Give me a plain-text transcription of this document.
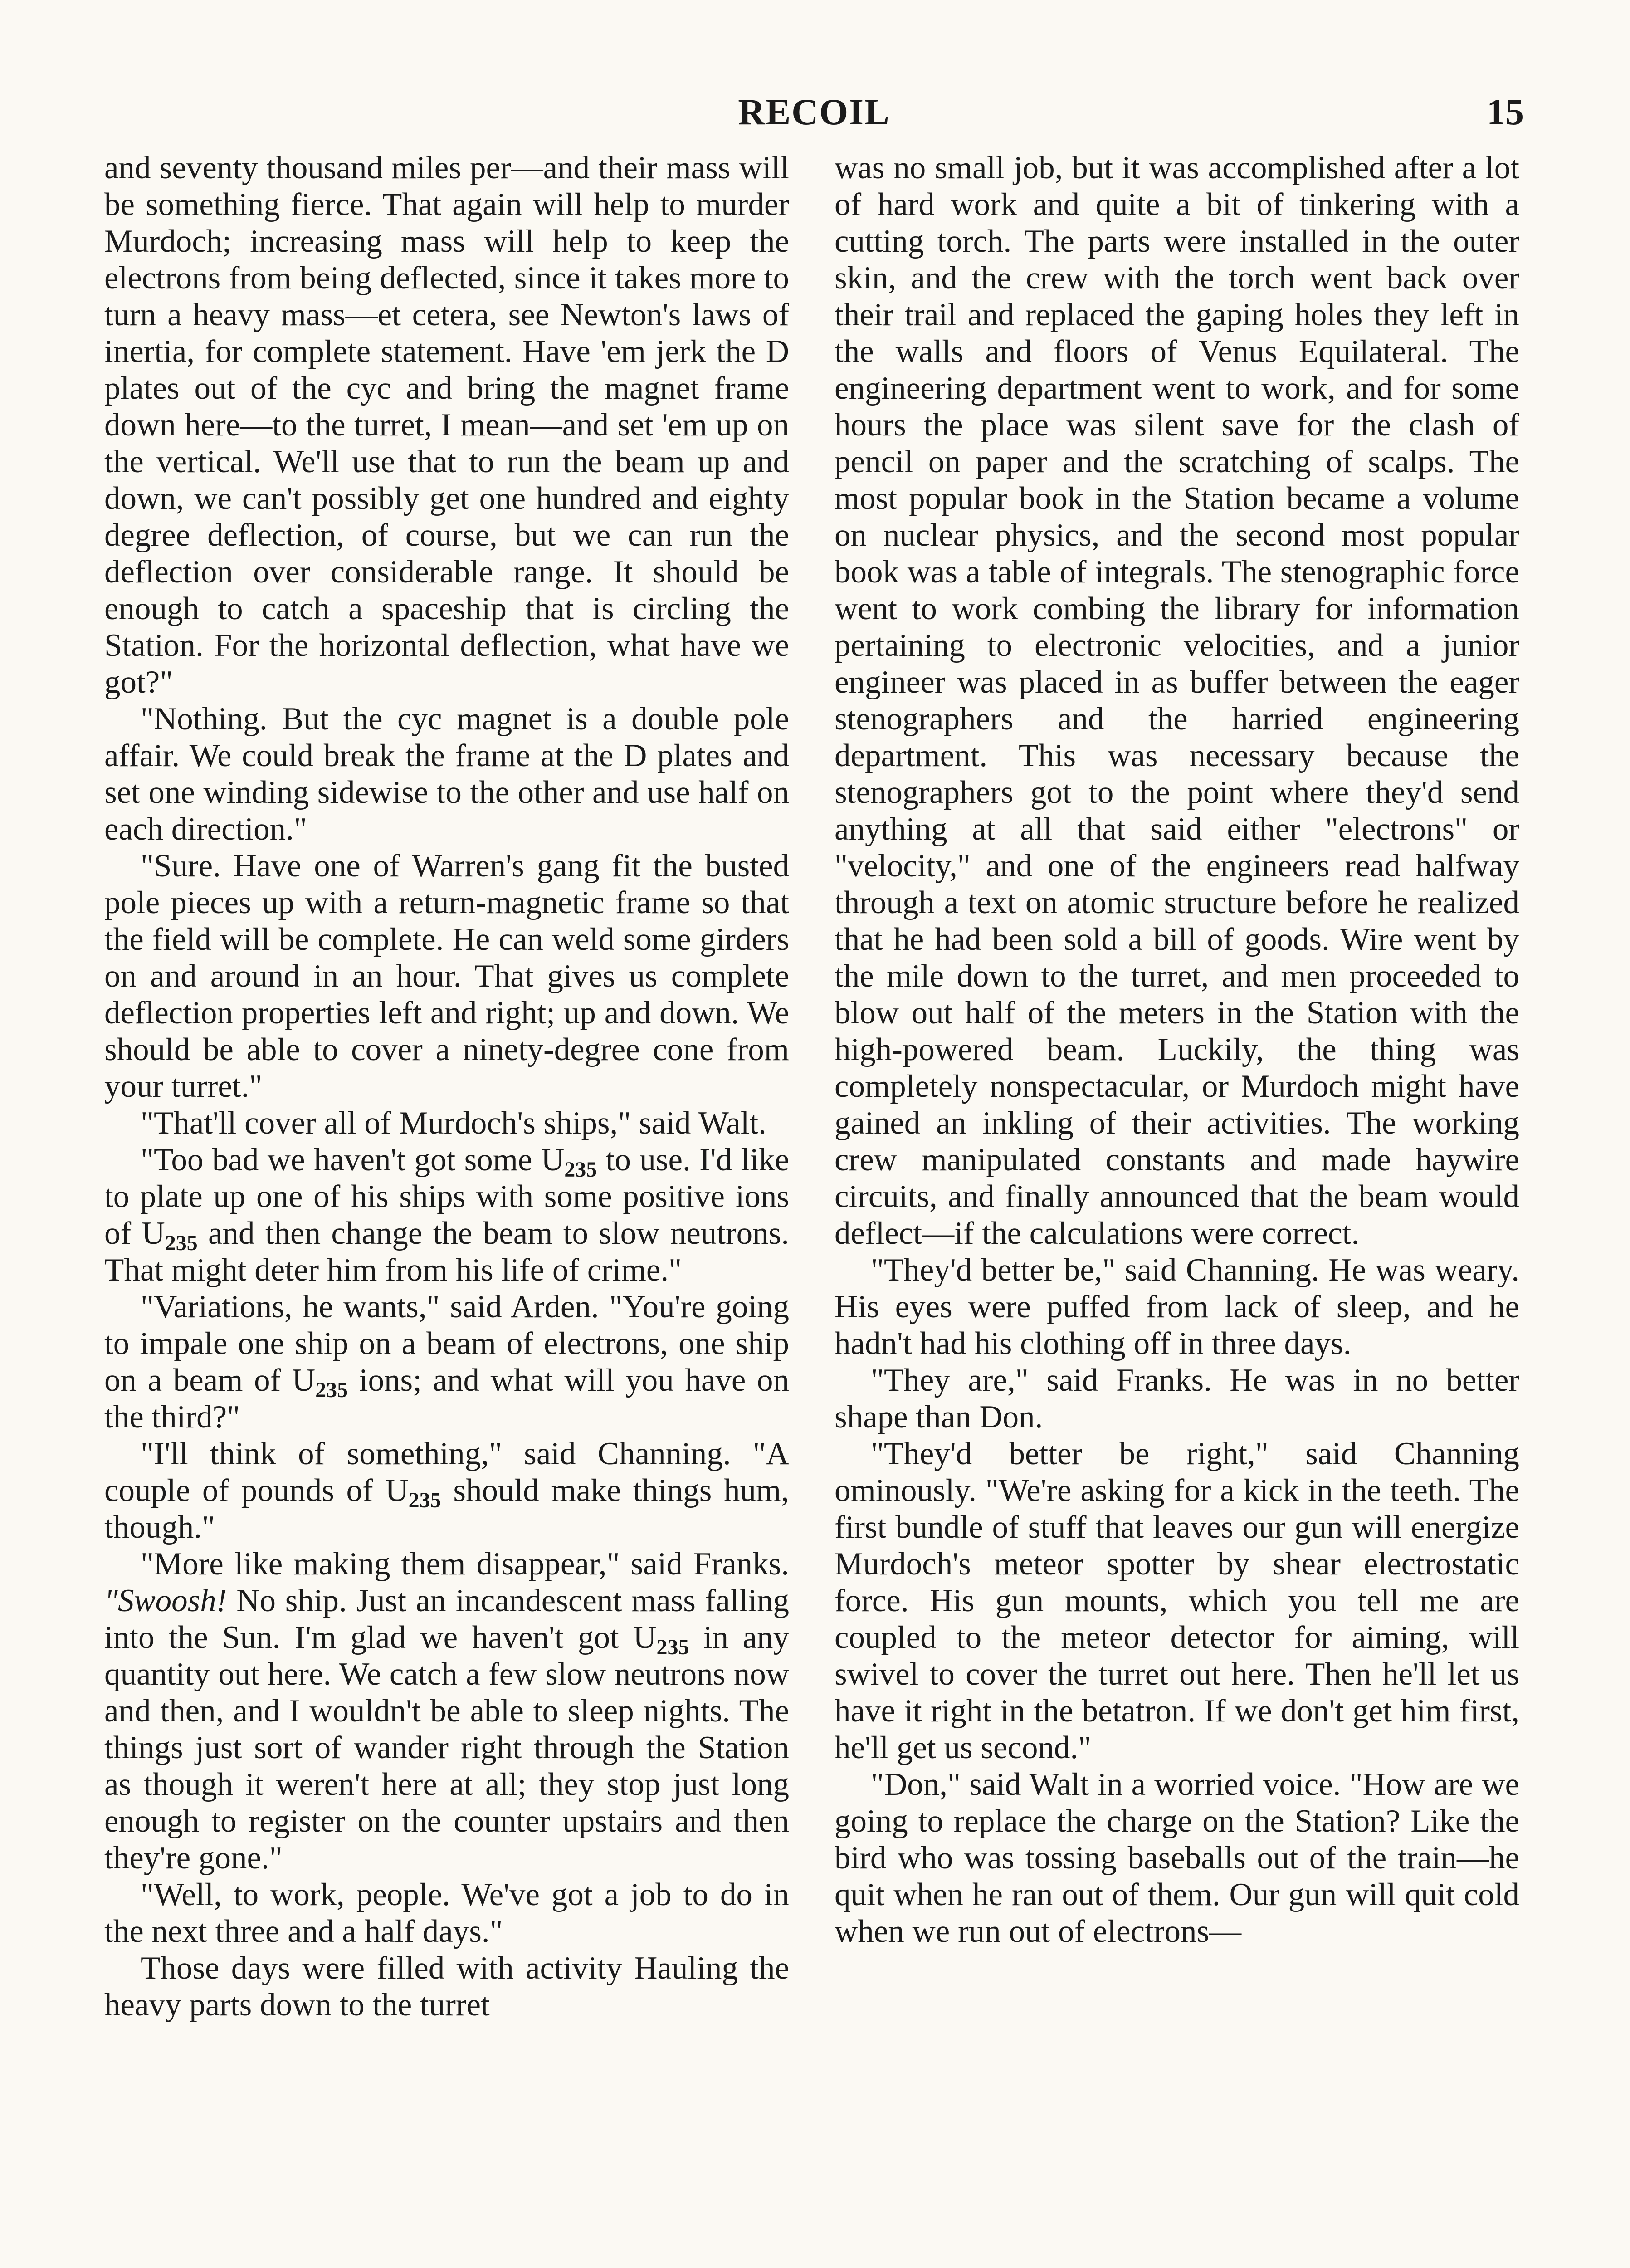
RECOIL	15

and seventy thousand miles per—and their mass will be something fierce. That again will help to murder Murdoch; increasing mass will help to keep the electrons from being deflected, since it takes more to turn a heavy mass—et cetera, see Newton's laws of inertia, for complete statement. Have 'em jerk the D plates out of the cyc and bring the magnet frame down here—to the turret, I mean—and set 'em up on the vertical. We'll use that to run the beam up and down, we can't possibly get one hundred and eighty degree deflection, of course, but we can run the deflection over considerable range. It should be enough to catch a spaceship that is circling the Station. For the horizontal deflection, what have we got?"

"Nothing. But the cyc magnet is a double pole affair. We could break the frame at the D plates and set one winding sidewise to the other and use half on each direction."

"Sure. Have one of Warren's gang fit the busted pole pieces up with a return-magnetic frame so that the field will be complete. He can weld some girders on and around in an hour. That gives us complete deflection properties left and right; up and down. We should be able to cover a ninety-degree cone from your turret."

"That'll cover all of Murdoch's ships," said Walt.

"Too bad we haven't got some $U_{235}$ to use. I'd like to plate up one of his ships with some positive ions of $U_{235}$ and then change the beam to slow neutrons. That might deter him from his life of crime."

"Variations, he wants," said Arden. "You're going to impale one ship on a beam of electrons, one ship on a beam of $U_{235}$ ions; and what will you have on the third?"

"I'll think of something," said Channing. "A couple of pounds of $U_{235}$ should make things hum, though."

"More like making them disappear," said Franks. "Swoosh! No ship. Just an incandescent mass falling into the Sun. I'm glad we haven't got $U_{235}$ in any quantity out here. We catch a few slow neutrons now and then, and I wouldn't be able to sleep nights. The things just sort of wander right through the Station as though it weren't here at all; they stop just long enough to register on the counter upstairs and then they're gone."

"Well, to work, people. We've got a job to do in the next three and a half days."

Those days were filled with activity Hauling the heavy parts down to the turret

was no small job, but it was accomplished after a lot of hard work and quite a bit of tinkering with a cutting torch. The parts were installed in the outer skin, and the crew with the torch went back over their trail and replaced the gaping holes they left in the walls and floors of Venus Equilateral. The engineering department went to work, and for some hours the place was silent save for the clash of pencil on paper and the scratching of scalps. The most popular book in the Station became a volume on nuclear physics, and the second most popular book was a table of integrals. The stenographic force went to work combing the library for information pertaining to electronic velocities, and a junior engineer was placed in as buffer between the eager stenographers and the harried engineering department. This was necessary because the stenographers got to the point where they'd send anything at all that said either "electrons" or "velocity," and one of the engineers read halfway through a text on atomic structure before he realized that he had been sold a bill of goods. Wire went by the mile down to the turret, and men proceeded to blow out half of the meters in the Station with the high-powered beam. Luckily, the thing was completely nonspectacular, or Murdoch might have gained an inkling of their activities. The working crew manipulated constants and made haywire circuits, and finally announced that the beam would deflect—if the calculations were correct.

"They'd better be," said Channing. He was weary. His eyes were puffed from lack of sleep, and he hadn't had his clothing off in three days.

"They are," said Franks. He was in no better shape than Don.

"They'd better be right," said Channing ominously. "We're asking for a kick in the teeth. The first bundle of stuff that leaves our gun will energize Murdoch's meteor spotter by shear electrostatic force. His gun mounts, which you tell me are coupled to the meteor detector for aiming, will swivel to cover the turret out here. Then he'll let us have it right in the betatron. If we don't get him first, he'll get us second."

"Don," said Walt in a worried voice. "How are we going to replace the charge on the Station? Like the bird who was tossing baseballs out of the train—he quit when he ran out of them. Our gun will quit cold when we run out of electrons—
